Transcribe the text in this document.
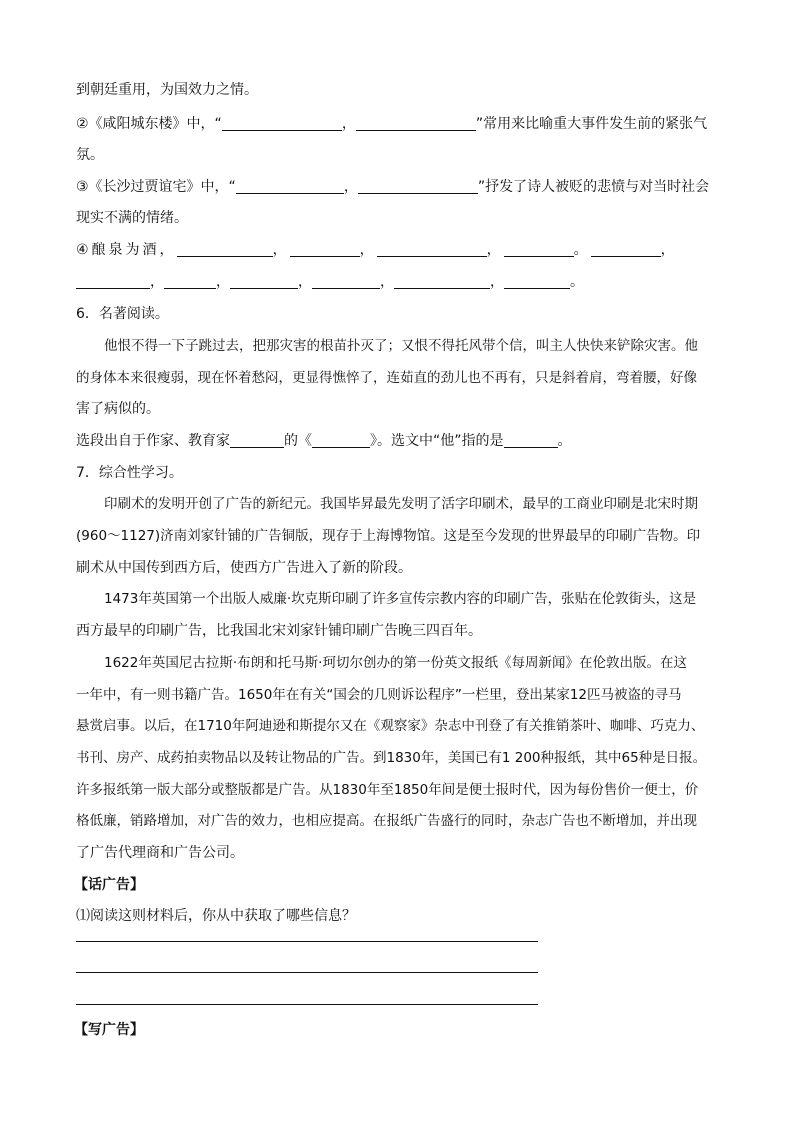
到朝廷重用，为国效力之情。
②《咸阳城东楼》中，“	，	”常用来比喻重大事件发生前的紧张气
氛。
③《长沙过贾谊宅》中，“	，	”抒发了诗人被贬的悲愤与对当时社会
现实不满的情绪。
④酿泉为酒，	，	，	，	。	，
，	，	，	，	，	。
6．名著阅读。
他恨不得一下子跳过去，把那灾害的根苗扑灭了；又恨不得托风带个信，叫主人快快来铲除灾害。他
的身体本来很瘦弱，现在怀着愁闷，更显得憔悴了，连茹直的劲儿也不再有，只是斜着肩，弯着腰，好像
害了病似的。
选段出自于作家、教育家	的《	》。选文中“他”指的是	。
7．综合性学习。
印刷术的发明开创了广告的新纪元。我国毕昇最先发明了活字印刷术，最早的工商业印刷是北宋时期
(960～1127)济南刘家针铺的广告铜版，现存于上海博物馆。这是至今发现的世界最早的印刷广告物。印
刷术从中国传到西方后，使西方广告进入了新的阶段。
1473年英国第一个出版人威廉·坎克斯印刷了许多宣传宗教内容的印刷广告，张贴在伦敦街头，这是
西方最早的印刷广告，比我国北宋刘家针铺印刷广告晚三四百年。
1622年英国尼古拉斯·布朗和托马斯·珂切尔创办的第一份英文报纸《每周新闻》在伦敦出版。在这
一年中，有一则书籍广告。1650年在有关“国会的几则诉讼程序”一栏里，登出某家12匹马被盗的寻马
悬赏启事。以后，在1710年阿迪逊和斯提尔又在《观察家》杂志中刊登了有关推销茶叶、咖啡、巧克力、
书刊、房产、成药拍卖物品以及转让物品的广告。到1830年，美国已有1 200种报纸，其中65种是日报。
许多报纸第一版大部分或整版都是广告。从1830年至1850年间是便士报时代，因为每份售价一便士，价
格低廉，销路增加，对广告的效力，也相应提高。在报纸广告盛行的同时，杂志广告也不断增加，并出现
了广告代理商和广告公司。
【话广告】
⑴阅读这则材料后，你从中获取了哪些信息？
【写广告】
